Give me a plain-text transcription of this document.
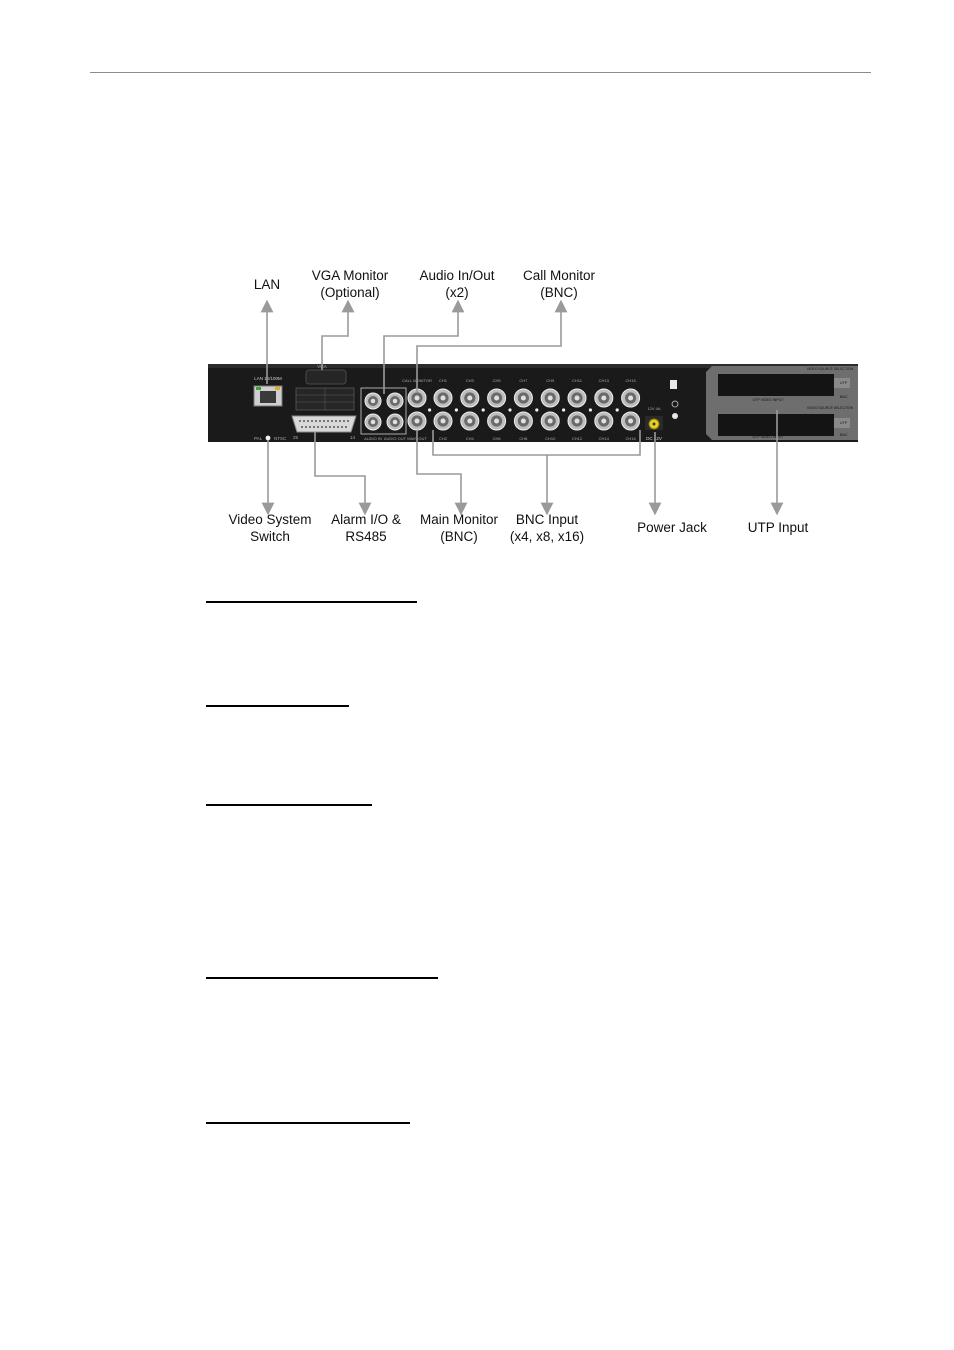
LAN 10/100M
VGA
25	14
PAL	NTSC	AUDIO IN AUDIO OUT
CALL MONITOR
MAIN OUT
CH1	CH3	CH5	CH7	CH9	CH11	CH13	CH15
CH2	CH4	CH6	CH8	CH10	CH12	CH14	CH16
12V 4A
DC 12V
VIDEO SOURCE SELECTION
VIDEO SOURCE SELECTION
UTP VIDEO INPUT
UTP VIDEO INPUT
UTP
BNC
UTP
BNC
LAN
VGA Monitor
(Optional)
Audio In/Out
(x2)
Call Monitor
(BNC)
Video System
Switch
Alarm I/O &
RS485
Main Monitor
(BNC)
BNC Input
(x4, x8, x16)
Power Jack	UTP Input
